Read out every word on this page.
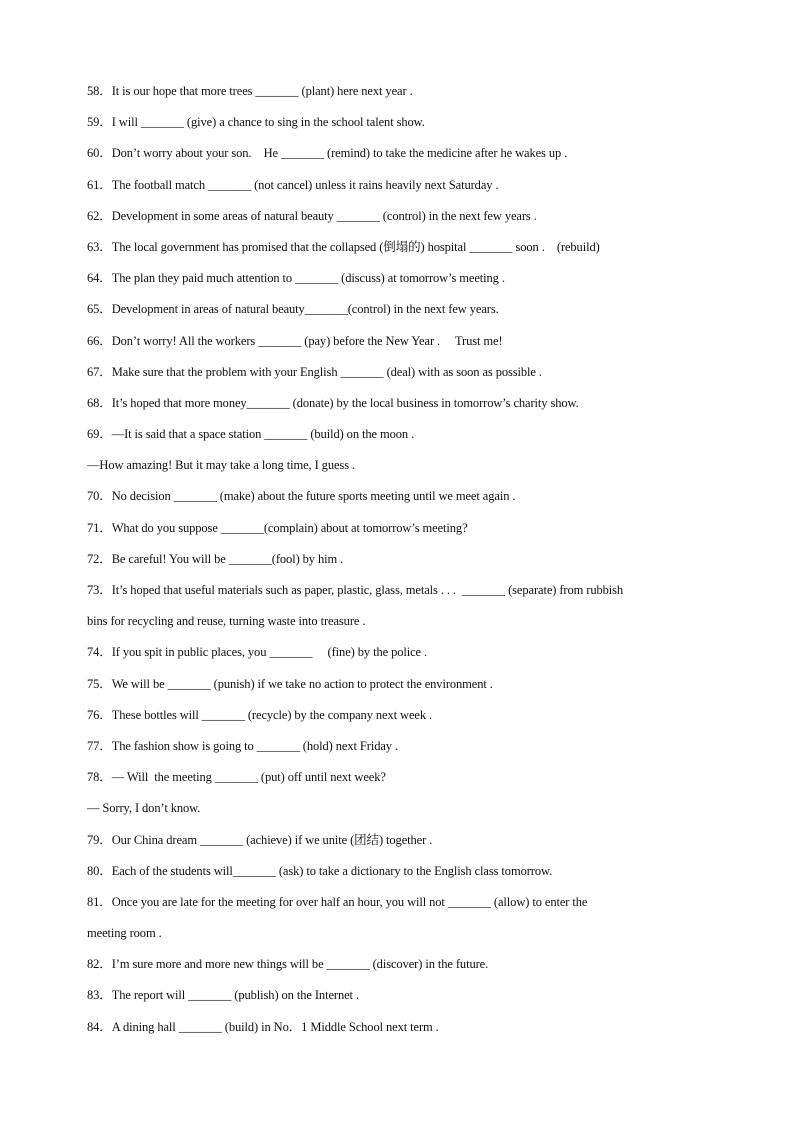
58．It is our hope that more trees _______ (plant) here next year .
59．I will _______ (give) a chance to sing in the school talent show.
60．Don’t worry about your son.    He _______ (remind) to take the medicine after he wakes up .
61．The football match _______ (not cancel) unless it rains heavily next Saturday .
62．Development in some areas of natural beauty _______ (control) in the next few years .
63．The local government has promised that the collapsed (倒塌的) hospital _______ soon .    (rebuild)
64．The plan they paid much attention to _______ (discuss) at tomorrow’s meeting .
65．Development in areas of natural beauty_______(control) in the next few years.
66．Don’t worry! All the workers _______ (pay) before the New Year .     Trust me!
67．Make sure that the problem with your English _______ (deal) with as soon as possible .
68．It’s hoped that more money_______ (donate) by the local business in tomorrow’s charity show.
69．—It is said that a space station _______ (build) on the moon .
—How amazing! But it may take a long time, I guess .
70．No decision _______ (make) about the future sports meeting until we meet again .
71．What do you suppose _______(complain) about at tomorrow’s meeting?
72．Be careful! You will be _______(fool) by him .
73．It’s hoped that useful materials such as paper, plastic, glass, metals . . .  _______ (separate) from rubbish
bins for recycling and reuse, turning waste into treasure .
74．If you spit in public places, you _______     (fine) by the police .
75．We will be _______ (punish) if we take no action to protect the environment .
76．These bottles will _______ (recycle) by the company next week .
77．The fashion show is going to _______ (hold) next Friday .
78．— Will  the meeting _______ (put) off until next week?
— Sorry, I don’t know.
79．Our China dream _______ (achieve) if we unite (团结) together .
80．Each of the students will_______ (ask) to take a dictionary to the English class tomorrow.
81．Once you are late for the meeting for over half an hour, you will not _______ (allow) to enter the
meeting room .
82．I’m sure more and more new things will be _______ (discover) in the future.
83．The report will _______ (publish) on the Internet .
84．A dining hall _______ (build) in No．1 Middle School next term .
